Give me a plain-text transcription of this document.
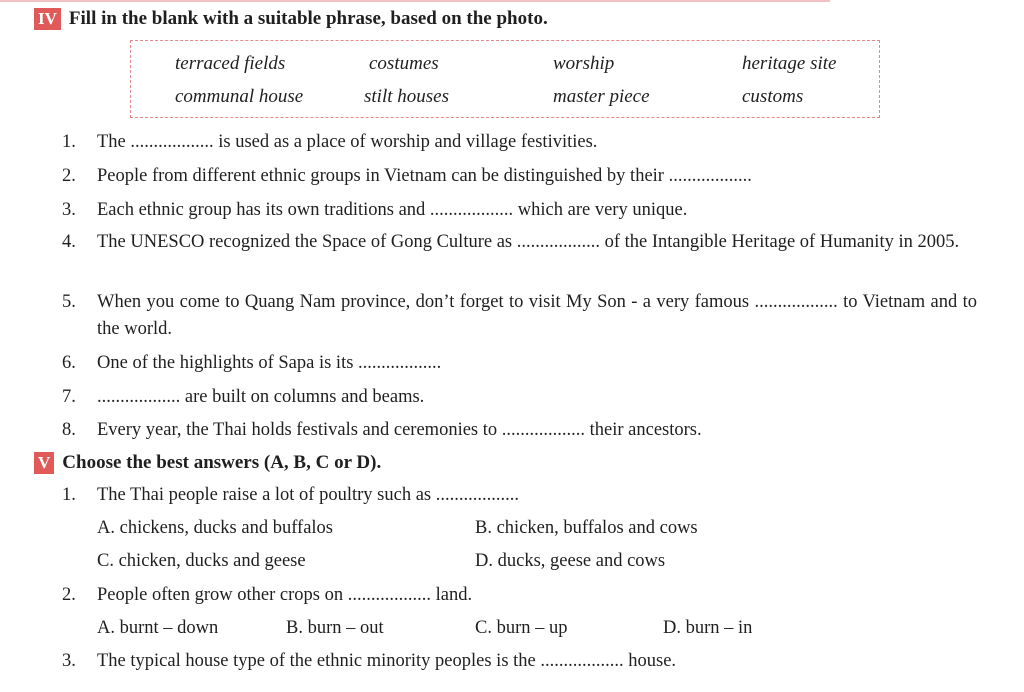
IV Fill in the blank with a suitable phrase, based on the photo.
terraced fields	costumes	worship	heritage site
communal house	stilt houses	master piece	customs
1.	The .................. is used as a place of worship and village festivities.
2.	People from different ethnic groups in Vietnam can be distinguished by their ..................
3.	Each ethnic group has its own traditions and .................. which are very unique.
4.	The UNESCO recognized the Space of Gong Culture as .................. of the Intangible Heritage of Humanity in 2005.
5.	When you come to Quang Nam province, don’t forget to visit My Son - a very famous .................. to Vietnam and to the world.
6.	One of the highlights of Sapa is its ..................
7.	.................. are built on columns and beams.
8.	Every year, the Thai holds festivals and ceremonies to .................. their ancestors.
V Choose the best answers (A, B, C or D).
1.	The Thai people raise a lot of poultry such as ..................
A. chickens, ducks and buffalos	B. chicken, buffalos and cows
C. chicken, ducks and geese	D. ducks, geese and cows
2.	People often grow other crops on .................. land.
A. burnt – down	B. burn – out	C. burn – up	D. burn – in
3.	The typical house type of the ethnic minority peoples is the .................. house.
